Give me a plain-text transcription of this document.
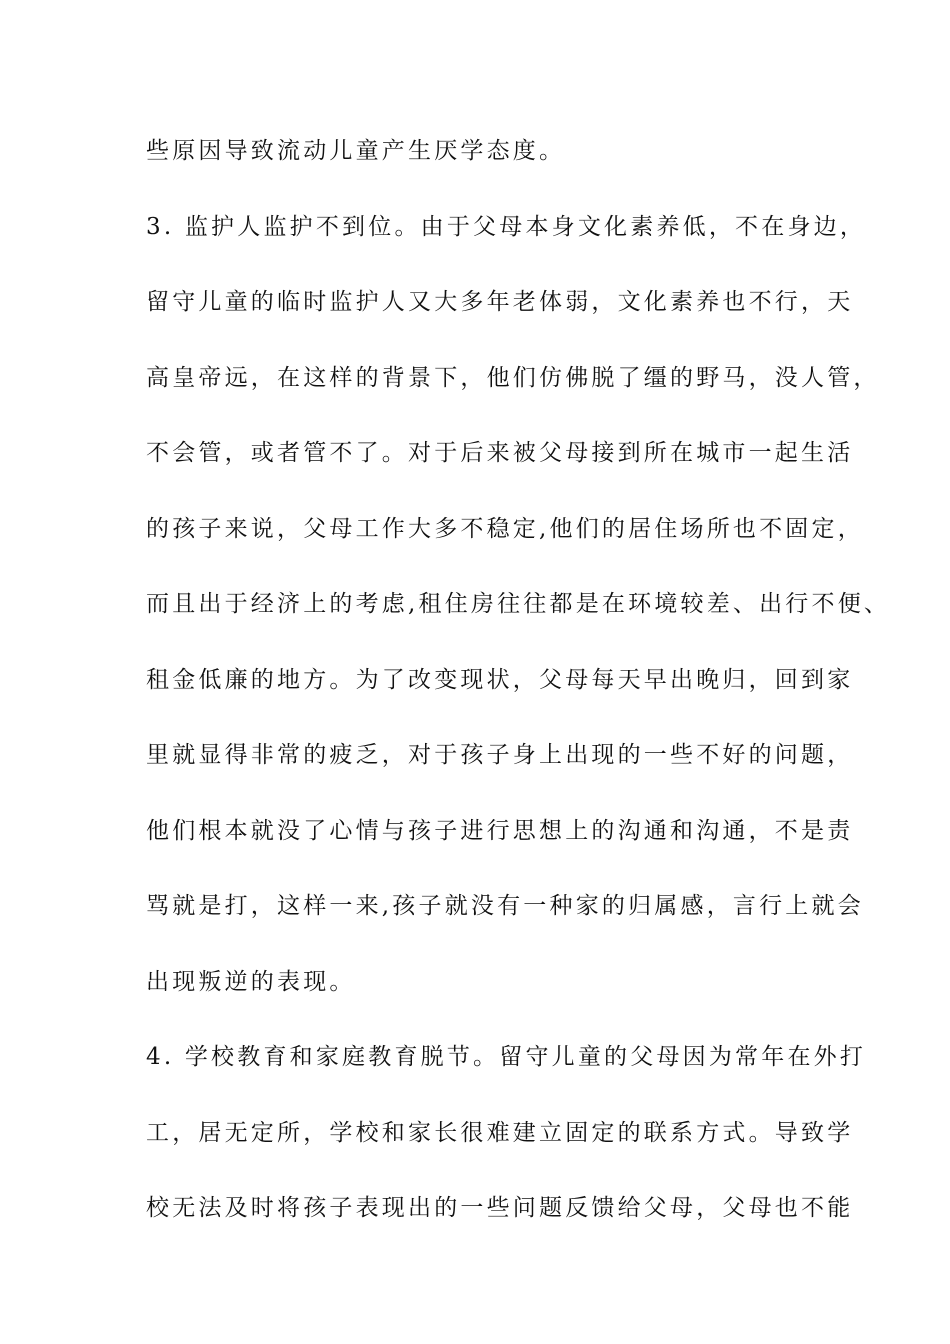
些原因导致流动儿童产生厌学态度。
3. 监护人监护不到位。由于父母本身文化素养低，不在身边，
留守儿童的临时监护人又大多年老体弱，文化素养也不行，天
高皇帝远，在这样的背景下，他们仿佛脱了缰的野马，没人管，
不会管，或者管不了。对于后来被父母接到所在城市一起生活
的孩子来说，父母工作大多不稳定,他们的居住场所也不固定，
而且出于经济上的考虑,租住房往往都是在环境较差、出行不便、
租金低廉的地方。为了改变现状，父母每天早出晚归，回到家
里就显得非常的疲乏，对于孩子身上出现的一些不好的问题，
他们根本就没了心情与孩子进行思想上的沟通和沟通，不是责
骂就是打，这样一来,孩子就没有一种家的归属感，言行上就会
出现叛逆的表现。
4. 学校教育和家庭教育脱节。留守儿童的父母因为常年在外打
工，居无定所，学校和家长很难建立固定的联系方式。导致学
校无法及时将孩子表现出的一些问题反馈给父母，父母也不能
